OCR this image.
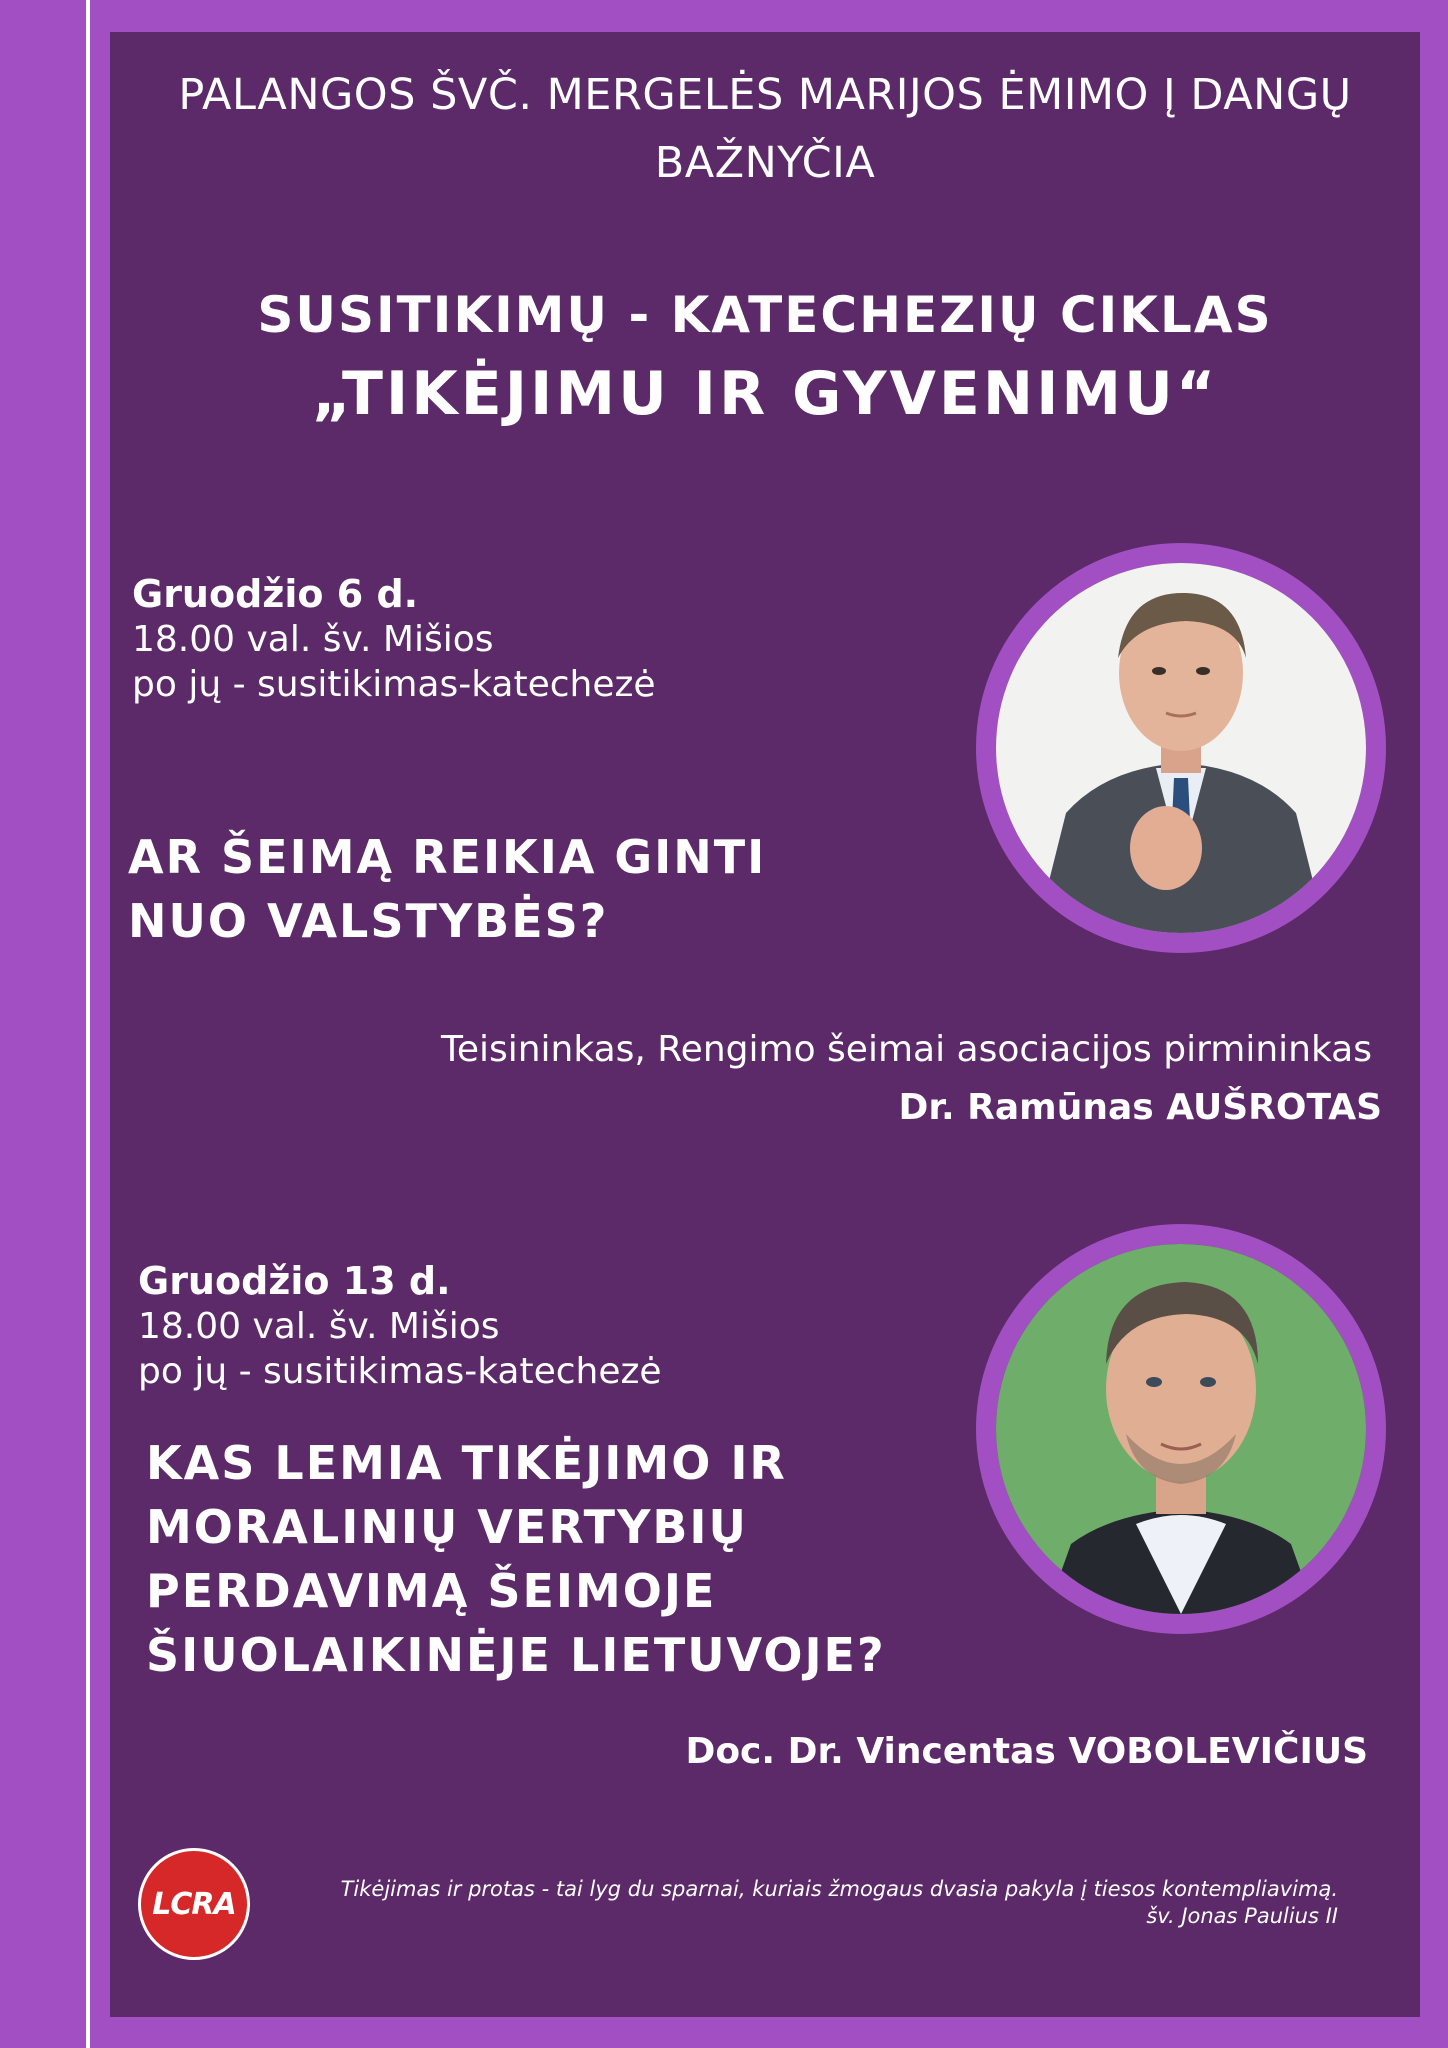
PALANGOS ŠVČ. MERGELĖS MARIJOS ĖMIMO Į DANGŲ
BAŽNYČIA
SUSITIKIMŲ - KATECHEZIŲ CIKLAS
„TIKĖJIMU IR GYVENIMU“
Gruodžio 6 d.
18.00 val. šv. Mišios
po jų - susitikimas-katechezė
AR ŠEIMĄ REIKIA GINTI
NUO VALSTYBĖS?
Teisininkas, Rengimo šeimai asociacijos pirmininkas
Dr. Ramūnas AUŠROTAS
Gruodžio 13 d.
18.00 val. šv. Mišios
po jų - susitikimas-katechezė
KAS LEMIA TIKĖJIMO IR
MORALINIŲ VERTYBIŲ
PERDAVIMĄ ŠEIMOJE
ŠIUOLAIKINĖJE LIETUVOJE?
Doc. Dr. Vincentas VOBOLEVIČIUS
LCRA	Tikėjimas ir protas - tai lyg du sparnai, kuriais žmogaus dvasia pakyla į tiesos kontempliavimą.
šv. Jonas Paulius II
